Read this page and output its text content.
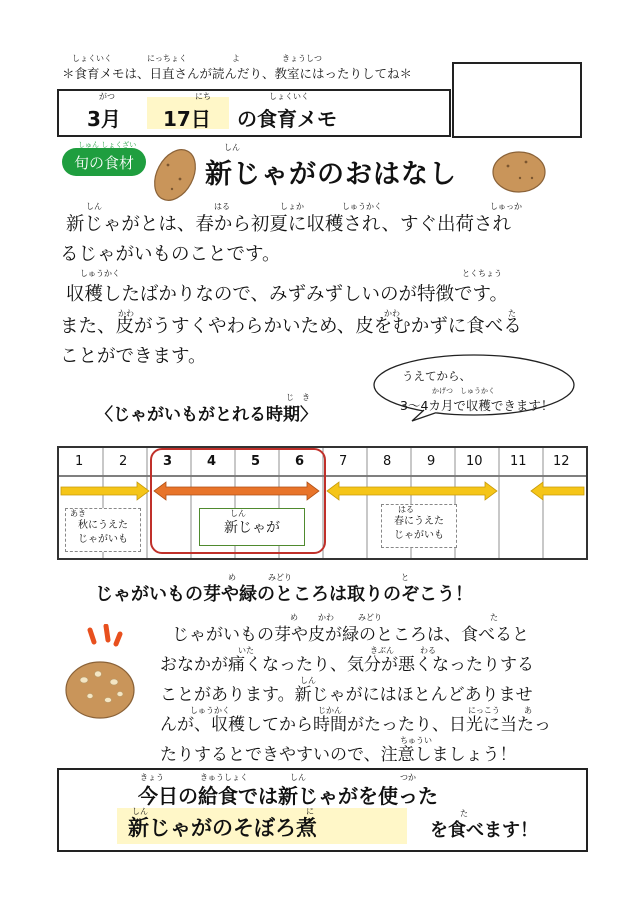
しょくいく	にっちょく	よ	きょうしつ
＊食育メモは、日直さんが読んだり、教室にはったりしてね＊
がつ	にち	しょくいく
3月 17日 の食育メモ
旬の食材
しゅん しょくざい	しん
新じゃがのおはなし
しん	はる	しょか	しゅうかく	しゅっか
新じゃがとは、春から初夏に収穫され、すぐ出荷され
るじゃがいものことです。
しゅうかく	とくちょう
かわ	かわ	た
収穫したばかりなので、みずみずしいのが特徴です。
また、皮がうすくやわらかいため、皮をむかずに食べる
ことができます。
うえてから、
かげつ　しゅうかく
3～4カ月で収穫できます！
じ　き
〈じゃがいもがとれる時期〉
1	2	3	4	5	6	7	8	9 10 11 12
あき
秋にうえた
じゃがいも
しん
新じゃが
はる
春にうえた
じゃがいも
め	みどり	と
じゃがいもの芽や緑のところは取りのぞこう！
め	かわ	みどり	た
じゃがいもの芽や皮が緑のところは、食べると
いた	きぶん	わる
おなかが痛くなったり、気分が悪くなったりする
しん
ことがあります。新じゃがにはほとんどありませ
しゅうかく	じかん	にっこう	あ
んが、収穫してから時間がたったり、日光に当たっ
ちゅうい
たりするとできやすいので、注意しましょう！
きょう	きゅうしょく	しん	つか
今日の給食では新じゃがを使った
しん	に
新じゃがのそぼろ煮
た
を食べます！
